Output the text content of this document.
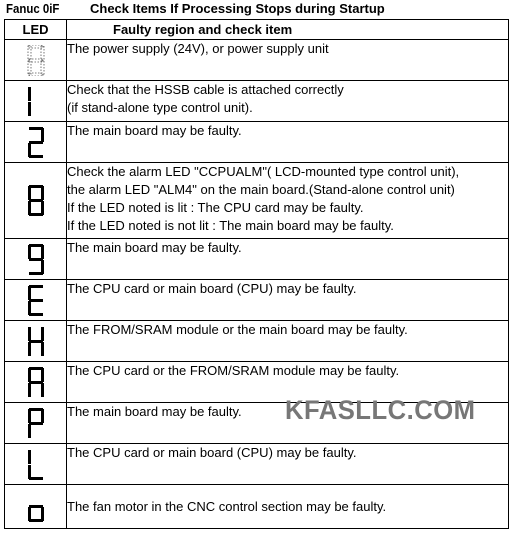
Fanuc 0iF Check Items If Processing Stops during Startup
LED	Faulty region and check item

The power supply (24V), or power supply unit

Check that the HSSB cable is attached correctly
(if stand-alone type control unit).

The main board may be faulty.

Check the alarm LED "CCPUALM"( LCD-mounted type control unit),
the alarm LED "ALM4" on the main board.(Stand-alone control unit)
If the LED noted is lit : The CPU card may be faulty.
If the LED noted is not lit : The main board may be faulty.

The main board may be faulty.

The CPU card or main board (CPU) may be faulty.

The FROM/SRAM module or the main board may be faulty.

The CPU card or the FROM/SRAM module may be faulty.

The main board may be faulty.

The CPU card or main board (CPU) may be faulty.

The fan motor in the CNC control section may be faulty.
KFASLLC.COM
